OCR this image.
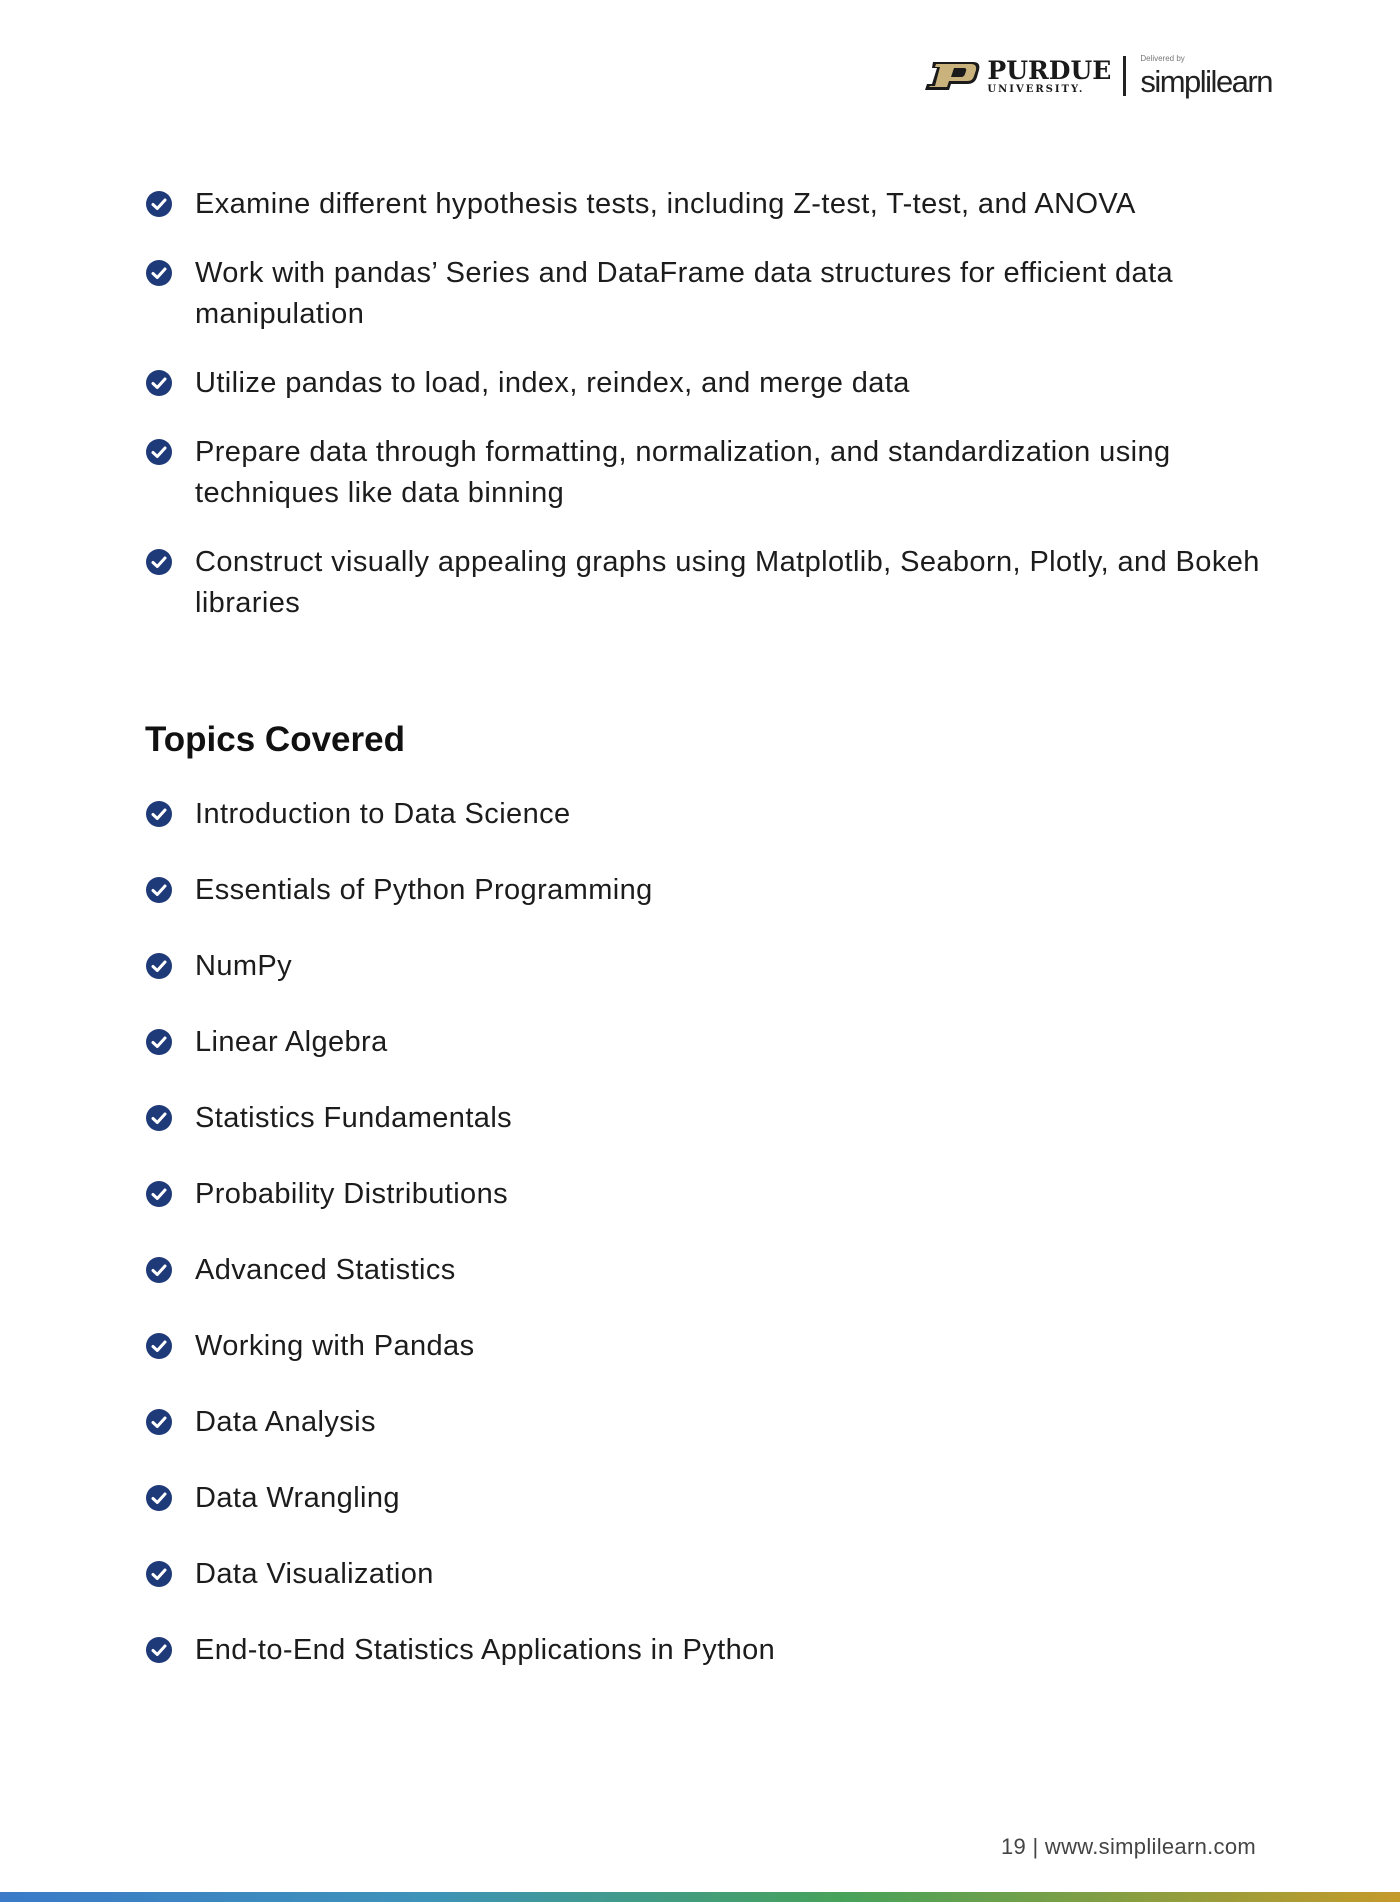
PURDUE
UNIVERSITY.
Delivered by
simplilearn
Examine different hypothesis tests, including Z-test, T-test, and ANOVA
Work with pandas’ Series and DataFrame data structures for efficient data manipulation
Utilize pandas to load, index, reindex, and merge data
Prepare data through formatting, normalization, and standardization using techniques like data binning
Construct visually appealing graphs using Matplotlib, Seaborn, Plotly, and Bokeh libraries
Topics Covered
Introduction to Data Science
Essentials of Python Programming
NumPy
Linear Algebra
Statistics Fundamentals
Probability Distributions
Advanced Statistics
Working with Pandas
Data Analysis
Data Wrangling
Data Visualization
End-to-End Statistics Applications in Python
19 | www.simplilearn.com
